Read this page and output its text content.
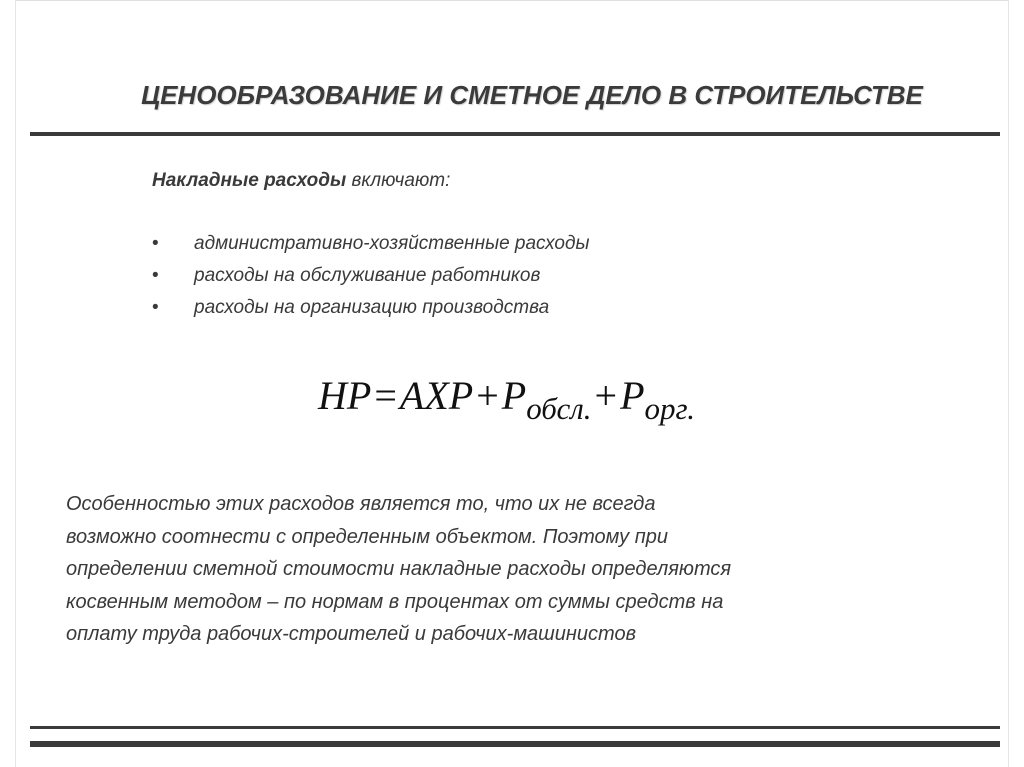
ЦЕНООБРАЗОВАНИЕ И СМЕТНОЕ ДЕЛО В СТРОИТЕЛЬСТВЕ
Накладные расходы включают:
• административно-хозяйственные расходы
• расходы на обслуживание работников
• расходы на организацию производства
$НР=АХР+Р_{обсл.}+Р_{орг.}$
Особенностью этих расходов является то, что их не всегда
возможно соотнести с определенным объектом. Поэтому при
определении сметной стоимости накладные расходы определяются
косвенным методом – по нормам в процентах от суммы средств на
оплату труда рабочих-строителей и рабочих-машинистов
